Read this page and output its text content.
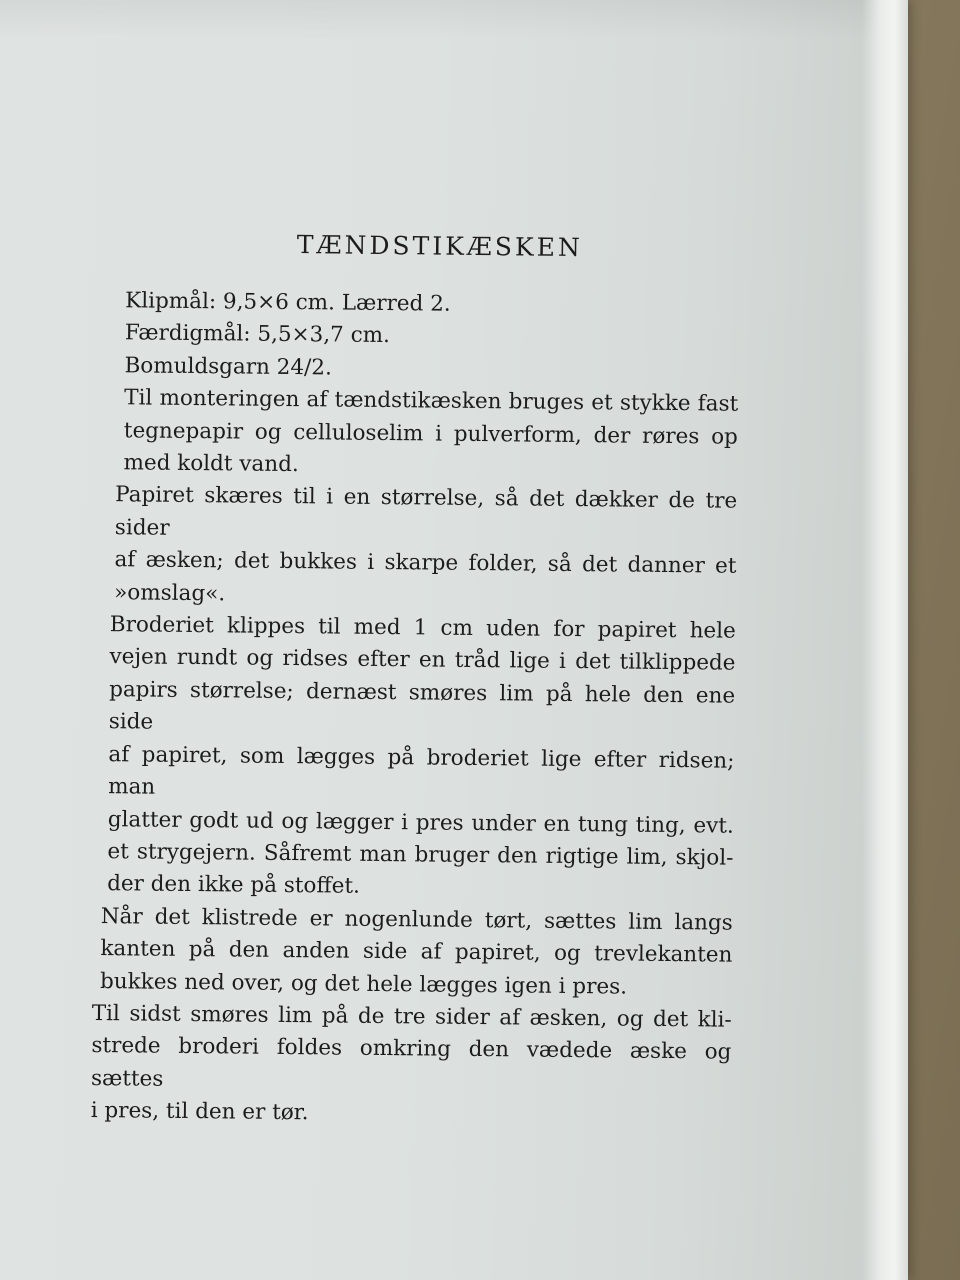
TÆNDSTIKÆSKEN
Klipmål: 9,5×6 cm. Lærred 2.
Færdigmål: 5,5×3,7 cm.
Bomuldsgarn 24/2.
Til monteringen af tændstikæsken bruges et stykke fast
tegnepapir og celluloselim i pulverform, der røres op
med koldt vand.
Papiret skæres til i en størrelse, så det dækker de tre sider
af æsken; det bukkes i skarpe folder, så det danner et
»omslag«.
Broderiet klippes til med 1 cm uden for papiret hele
vejen rundt og ridses efter en tråd lige i det tilklippede
papirs størrelse; dernæst smøres lim på hele den ene side
af papiret, som lægges på broderiet lige efter ridsen; man
glatter godt ud og lægger i pres under en tung ting, evt.
et strygejern. Såfremt man bruger den rigtige lim, skjol-
der den ikke på stoffet.
Når det klistrede er nogenlunde tørt, sættes lim langs
kanten på den anden side af papiret, og trevlekanten
bukkes ned over, og det hele lægges igen i pres.
Til sidst smøres lim på de tre sider af æsken, og det kli-
strede broderi foldes omkring den vædede æske og sættes
i pres, til den er tør.
